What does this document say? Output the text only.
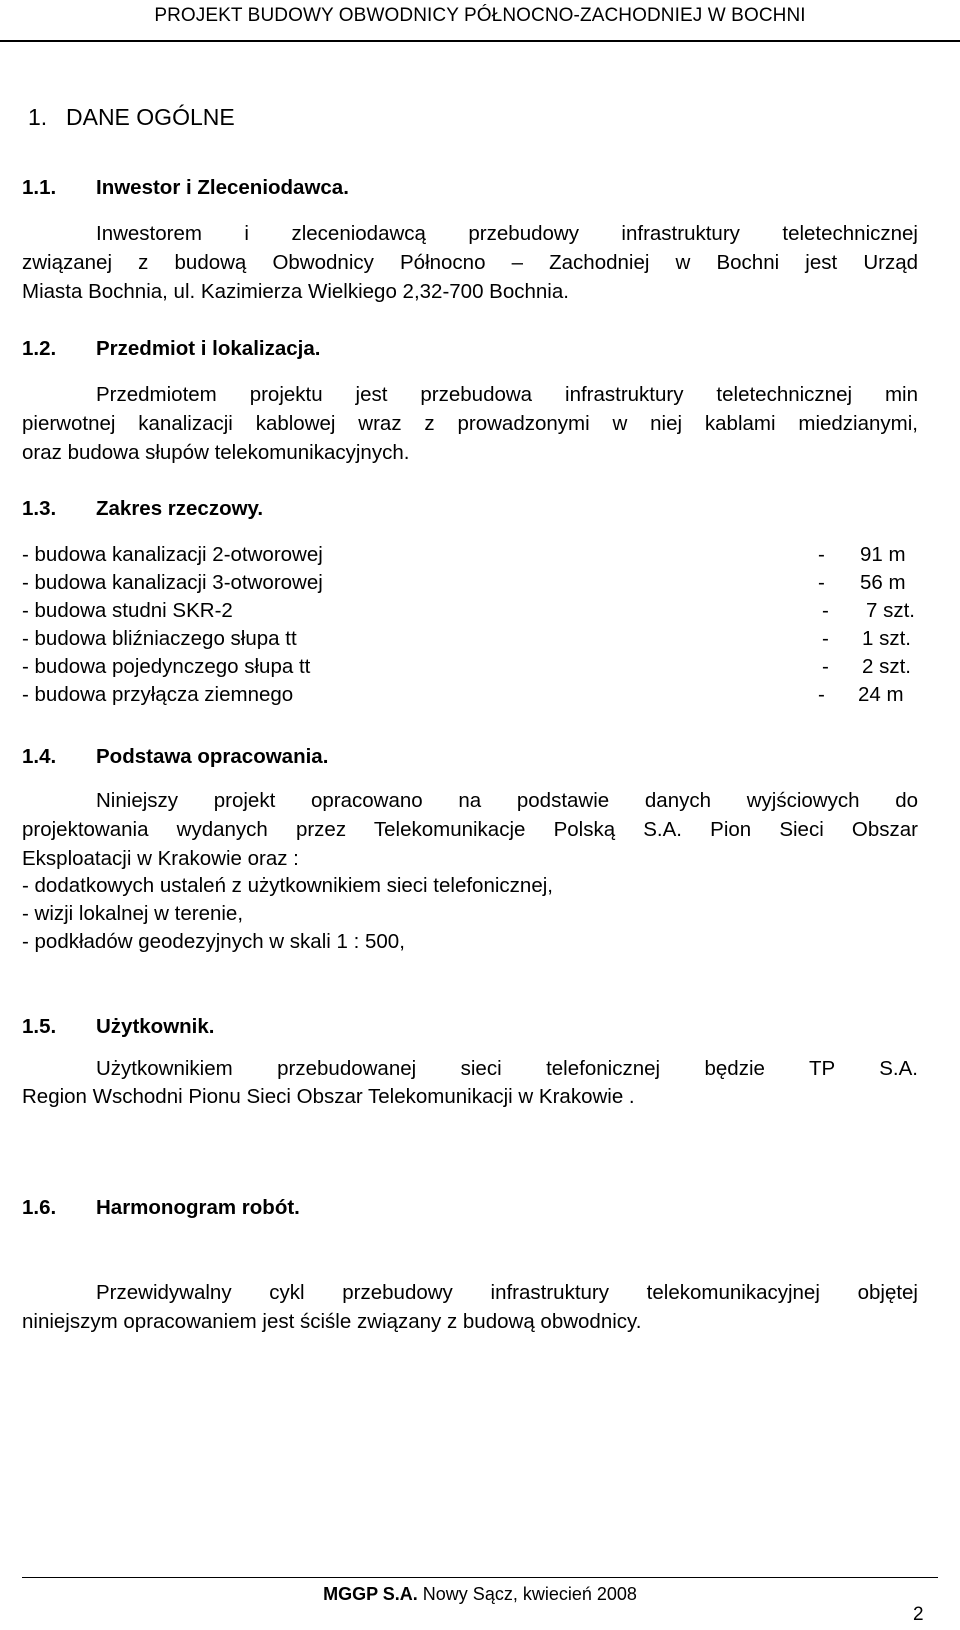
PROJEKT BUDOWY OBWODNICY PÓŁNOCNO-ZACHODNIEJ W BOCHNI
1. DANE OGÓLNE
1.1. Inwestor i Zleceniodawca.
Inwestorem i zleceniodawcą przebudowy infrastruktury teletechnicznej
związanej z budową Obwodnicy Północno – Zachodniej w Bochni jest Urząd
Miasta Bochnia, ul. Kazimierza Wielkiego 2,32-700 Bochnia.
1.2. Przedmiot i lokalizacja.
Przedmiotem projektu jest przebudowa infrastruktury teletechnicznej min
pierwotnej kanalizacji kablowej wraz z prowadzonymi w niej kablami miedzianymi,
oraz budowa słupów telekomunikacyjnych.
1.3. Zakres rzeczowy.
- budowa kanalizacji 2-otworowej	- 91 m
- budowa kanalizacji 3-otworowej	- 56 m
- budowa studni SKR-2	- 7 szt.
- budowa bliźniaczego słupa tt	- 1 szt.
- budowa pojedynczego słupa tt	- 2 szt.
- budowa przyłącza ziemnego	- 24 m
1.4. Podstawa opracowania.
Niniejszy projekt opracowano na podstawie danych wyjściowych do
projektowania wydanych przez Telekomunikacje Polską S.A. Pion Sieci Obszar
Eksploatacji w Krakowie oraz :
- dodatkowych ustaleń z użytkownikiem sieci telefonicznej,
- wizji lokalnej w terenie,
- podkładów geodezyjnych w skali 1 : 500,
1.5. Użytkownik.
Użytkownikiem przebudowanej sieci telefonicznej będzie TP S.A.
Region Wschodni Pionu Sieci Obszar Telekomunikacji w Krakowie .
1.6. Harmonogram robót.
Przewidywalny cykl przebudowy infrastruktury telekomunikacyjnej objętej
niniejszym opracowaniem jest ściśle związany z budową obwodnicy.
MGGP S.A. Nowy Sącz, kwiecień 2008
2
